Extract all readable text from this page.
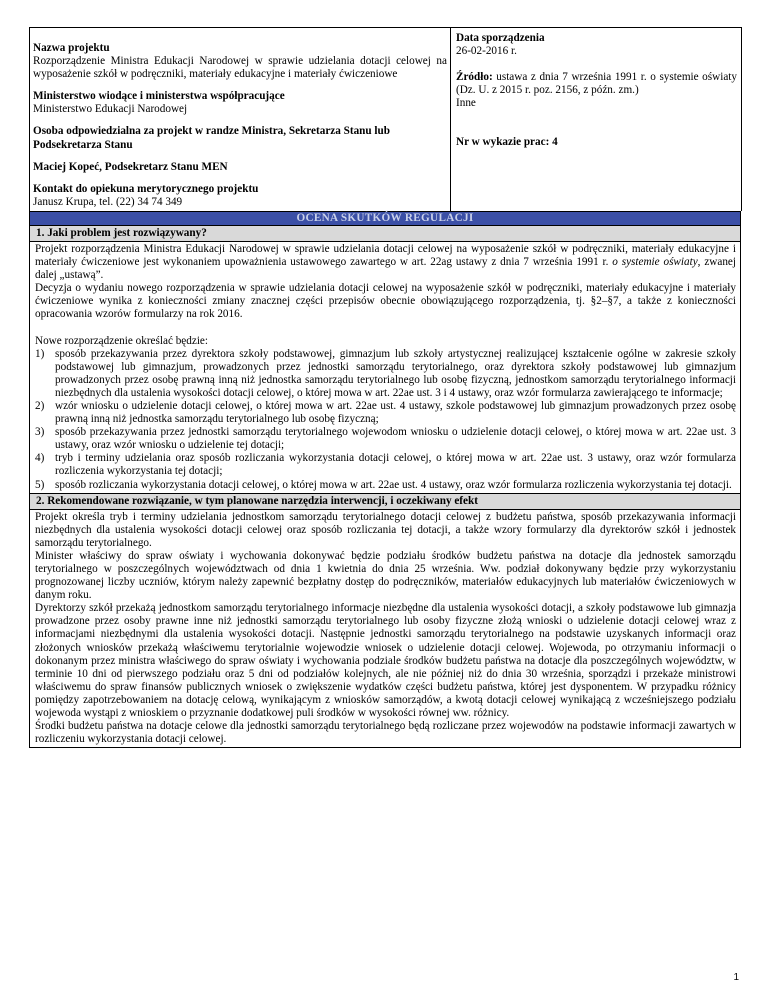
Nazwa projektu
Rozporządzenie Ministra Edukacji Narodowej w sprawie udzielania dotacji celowej na wyposażenie szkół w podręczniki, materiały edukacyjne i materiały ćwiczeniowe
Ministerstwo wiodące i ministerstwa współpracujące
Ministerstwo Edukacji Narodowej
Osoba odpowiedzialna za projekt w randze Ministra, Sekretarza Stanu lub Podsekretarza Stanu
Maciej Kopeć, Podsekretarz Stanu MEN
Kontakt do opiekuna merytorycznego projektu
Janusz Krupa, tel. (22) 34 74 349

Data sporządzenia
26-02-2016 r.
Źródło: ustawa z dnia 7 września 1991 r. o systemie oświaty (Dz. U. z 2015 r. poz. 2156, z późn. zm.)
Inne
Nr w wykazie prac: 4
OCENA SKUTKÓW REGULACJI
1. Jaki problem jest rozwiązywany?
Projekt rozporządzenia Ministra Edukacji Narodowej w sprawie udzielania dotacji celowej na wyposażenie szkół w podręczniki, materiały edukacyjne i materiały ćwiczeniowe jest wykonaniem upoważnienia ustawowego zawartego w art. 22ag ustawy z dnia 7 września 1991 r. o systemie oświaty, zwanej dalej „ustawą”.
Decyzja o wydaniu nowego rozporządzenia w sprawie udzielania dotacji celowej na wyposażenie szkół w podręczniki, materiały edukacyjne i materiały ćwiczeniowe wynika z konieczności zmiany znacznej części przepisów obecnie obowiązującego rozporządzenia, tj. §2–§7, a także z konieczności opracowania wzorów formularzy na rok 2016.
Nowe rozporządzenie określać będzie:
1) sposób przekazywania przez dyrektora szkoły podstawowej, gimnazjum lub szkoły artystycznej realizującej kształcenie ogólne w zakresie szkoły podstawowej lub gimnazjum, prowadzonych przez jednostki samorządu terytorialnego, oraz dyrektora szkoły podstawowej lub gimnazjum prowadzonych przez osobę prawną inną niż jednostka samorządu terytorialnego lub osobę fizyczną, jednostkom samorządu terytorialnego informacji niezbędnych dla ustalenia wysokości dotacji celowej, o której mowa w art. 22ae ust. 3 i 4 ustawy, oraz wzór formularza zawierającego te informacje;
2) wzór wniosku o udzielenie dotacji celowej, o której mowa w art. 22ae ust. 4 ustawy, szkole podstawowej lub gimnazjum prowadzonych przez osobę prawną inną niż jednostka samorządu terytorialnego lub osobę fizyczną;
3) sposób przekazywania przez jednostki samorządu terytorialnego wojewodom wniosku o udzielenie dotacji celowej, o której mowa w art. 22ae ust. 3 ustawy, oraz wzór wniosku o udzielenie tej dotacji;
4) tryb i terminy udzielania oraz sposób rozliczania wykorzystania dotacji celowej, o której mowa w art. 22ae ust. 3 ustawy, oraz wzór formularza rozliczenia wykorzystania tej dotacji;
5) sposób rozliczania wykorzystania dotacji celowej, o której mowa w art. 22ae ust. 4 ustawy, oraz wzór formularza rozliczenia wykorzystania tej dotacji.
2. Rekomendowane rozwiązanie, w tym planowane narzędzia interwencji, i oczekiwany efekt
Projekt określa tryb i terminy udzielania jednostkom samorządu terytorialnego dotacji celowej z budżetu państwa, sposób przekazywania informacji niezbędnych dla ustalenia wysokości dotacji celowej oraz sposób rozliczania tej dotacji, a także wzory formularzy dla dyrektorów szkół i jednostek samorządu terytorialnego.
Minister właściwy do spraw oświaty i wychowania dokonywać będzie podziału środków budżetu państwa na dotacje dla jednostek samorządu terytorialnego w poszczególnych województwach od dnia 1 kwietnia do dnia 25 września. Ww. podział dokonywany będzie przy wykorzystaniu prognozowanej liczby uczniów, którym należy zapewnić bezpłatny dostęp do podręczników, materiałów edukacyjnych lub materiałów ćwiczeniowych w danym roku.
Dyrektorzy szkół przekażą jednostkom samorządu terytorialnego informacje niezbędne dla ustalenia wysokości dotacji, a szkoły podstawowe lub gimnazja prowadzone przez osoby prawne inne niż jednostki samorządu terytorialnego lub osoby fizyczne złożą wnioski o udzielenie dotacji celowej wraz z informacjami niezbędnymi dla ustalenia wysokości dotacji. Następnie jednostki samorządu terytorialnego na podstawie uzyskanych informacji oraz złożonych wniosków przekażą właściwemu terytorialnie wojewodzie wniosek o udzielenie dotacji celowej. Wojewoda, po otrzymaniu informacji o dokonanym przez ministra właściwego do spraw oświaty i wychowania podziale środków budżetu państwa na dotacje dla poszczególnych województw, w terminie 10 dni od pierwszego podziału oraz 5 dni od podziałów kolejnych, ale nie później niż do dnia 30 września, sporządzi i przekaże ministrowi właściwemu do spraw finansów publicznych wniosek o zwiększenie wydatków części budżetu państwa, której jest dysponentem. W przypadku różnicy pomiędzy zapotrzebowaniem na dotację celową, wynikającym z wniosków samorządów, a kwotą dotacji celowej wynikającą z wcześniejszego podziału wojewoda wystąpi z wnioskiem o przyznanie dodatkowej puli środków w wysokości równej ww. różnicy.
Środki budżetu państwa na dotacje celowe dla jednostki samorządu terytorialnego będą rozliczane przez wojewodów na podstawie informacji zawartych w rozliczeniu wykorzystania dotacji celowej.
1
